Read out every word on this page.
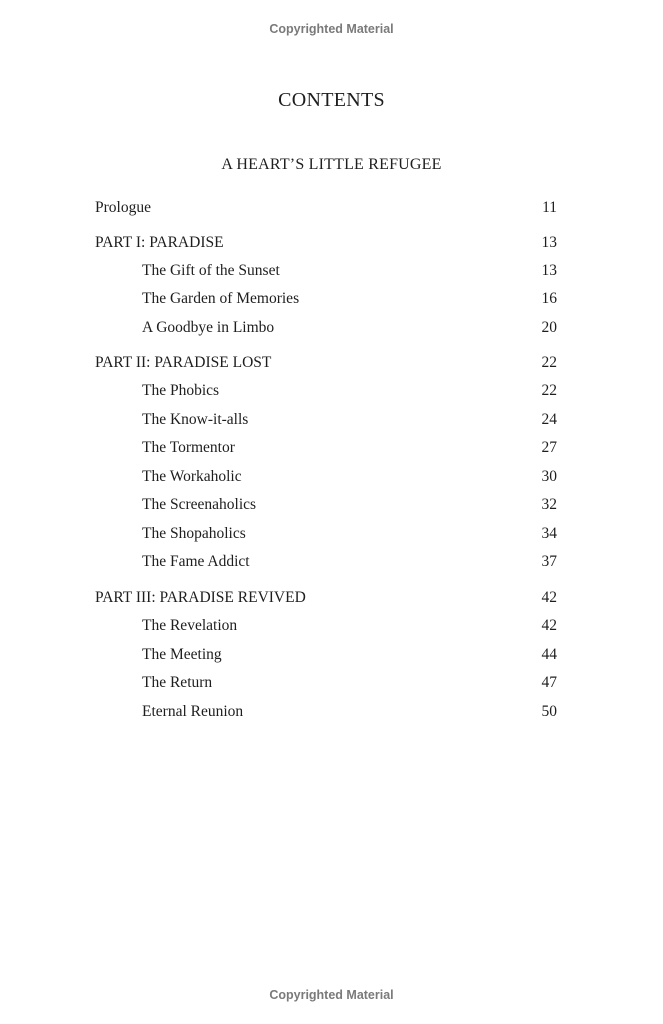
Copyrighted Material
CONTENTS
A HEART’S LITTLE REFUGEE
Prologue	11
PART I: PARADISE	13
The Gift of the Sunset	13
The Garden of Memories	16
A Goodbye in Limbo	20
PART II: PARADISE LOST	22
The Phobics	22
The Know-it-alls	24
The Tormentor	27
The Workaholic	30
The Screenaholics	32
The Shopaholics	34
The Fame Addict	37
PART III: PARADISE REVIVED	42
The Revelation	42
The Meeting	44
The Return	47
Eternal Reunion	50
Copyrighted Material
